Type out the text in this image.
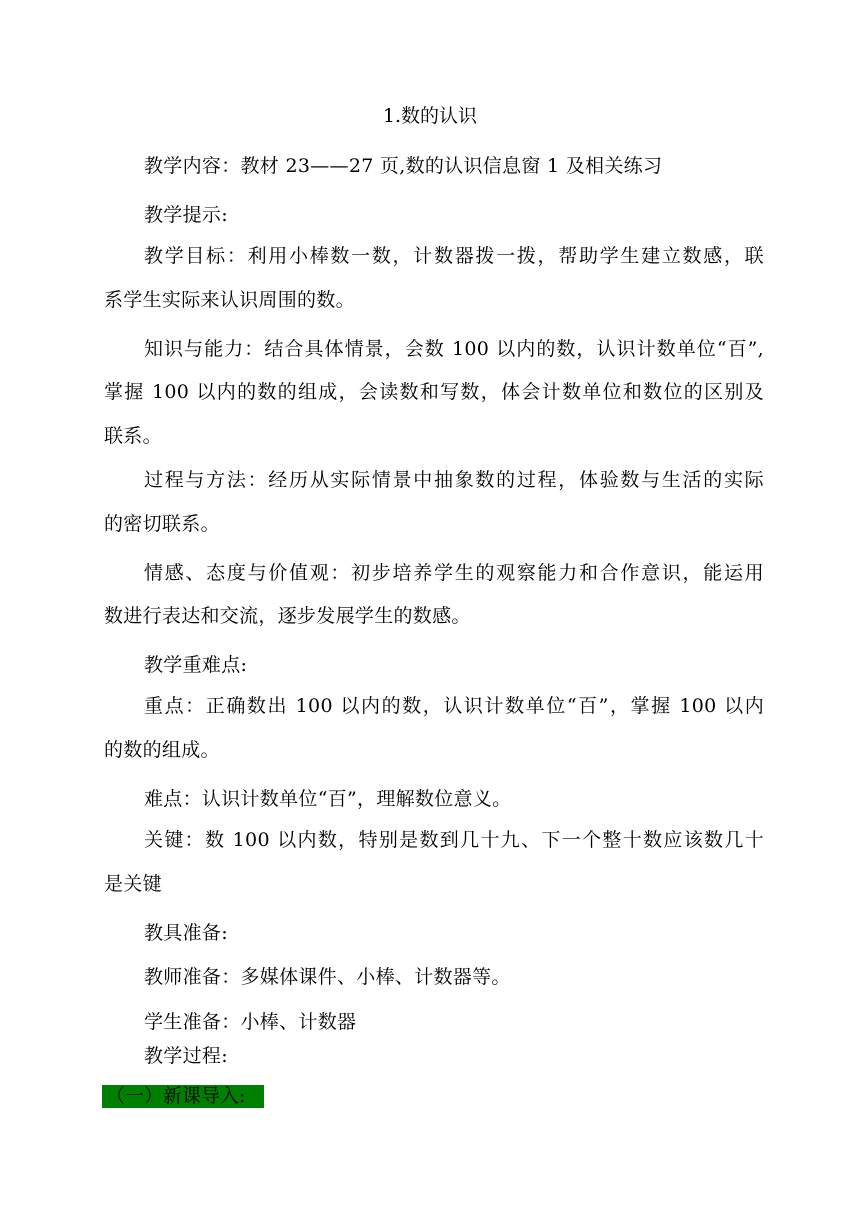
1.数的认识
教学内容：教材 23——27 页,数的认识信息窗 1 及相关练习
教学提示:
教学目标：利用小棒数一数，计数器拨一拨，帮助学生建立数感，联
系学生实际来认识周围的数。
知识与能力：结合具体情景，会数 100 以内的数，认识计数单位“百”,
掌握 100 以内的数的组成，会读数和写数，体会计数单位和数位的区别及
联系。
过程与方法：经历从实际情景中抽象数的过程，体验数与生活的实际
的密切联系。
情感、态度与价值观：初步培养学生的观察能力和合作意识，能运用
数进行表达和交流，逐步发展学生的数感。
教学重难点:
重点：正确数出 100 以内的数，认识计数单位“百”，掌握 100 以内
的数的组成。
难点：认识计数单位“百”，理解数位意义。
关键：数 100 以内数，特别是数到几十九、下一个整十数应该数几十
是关键
教具准备:
教师准备：多媒体课件、小棒、计数器等。
学生准备：小棒、计数器
教学过程:
（一）新课导入:
